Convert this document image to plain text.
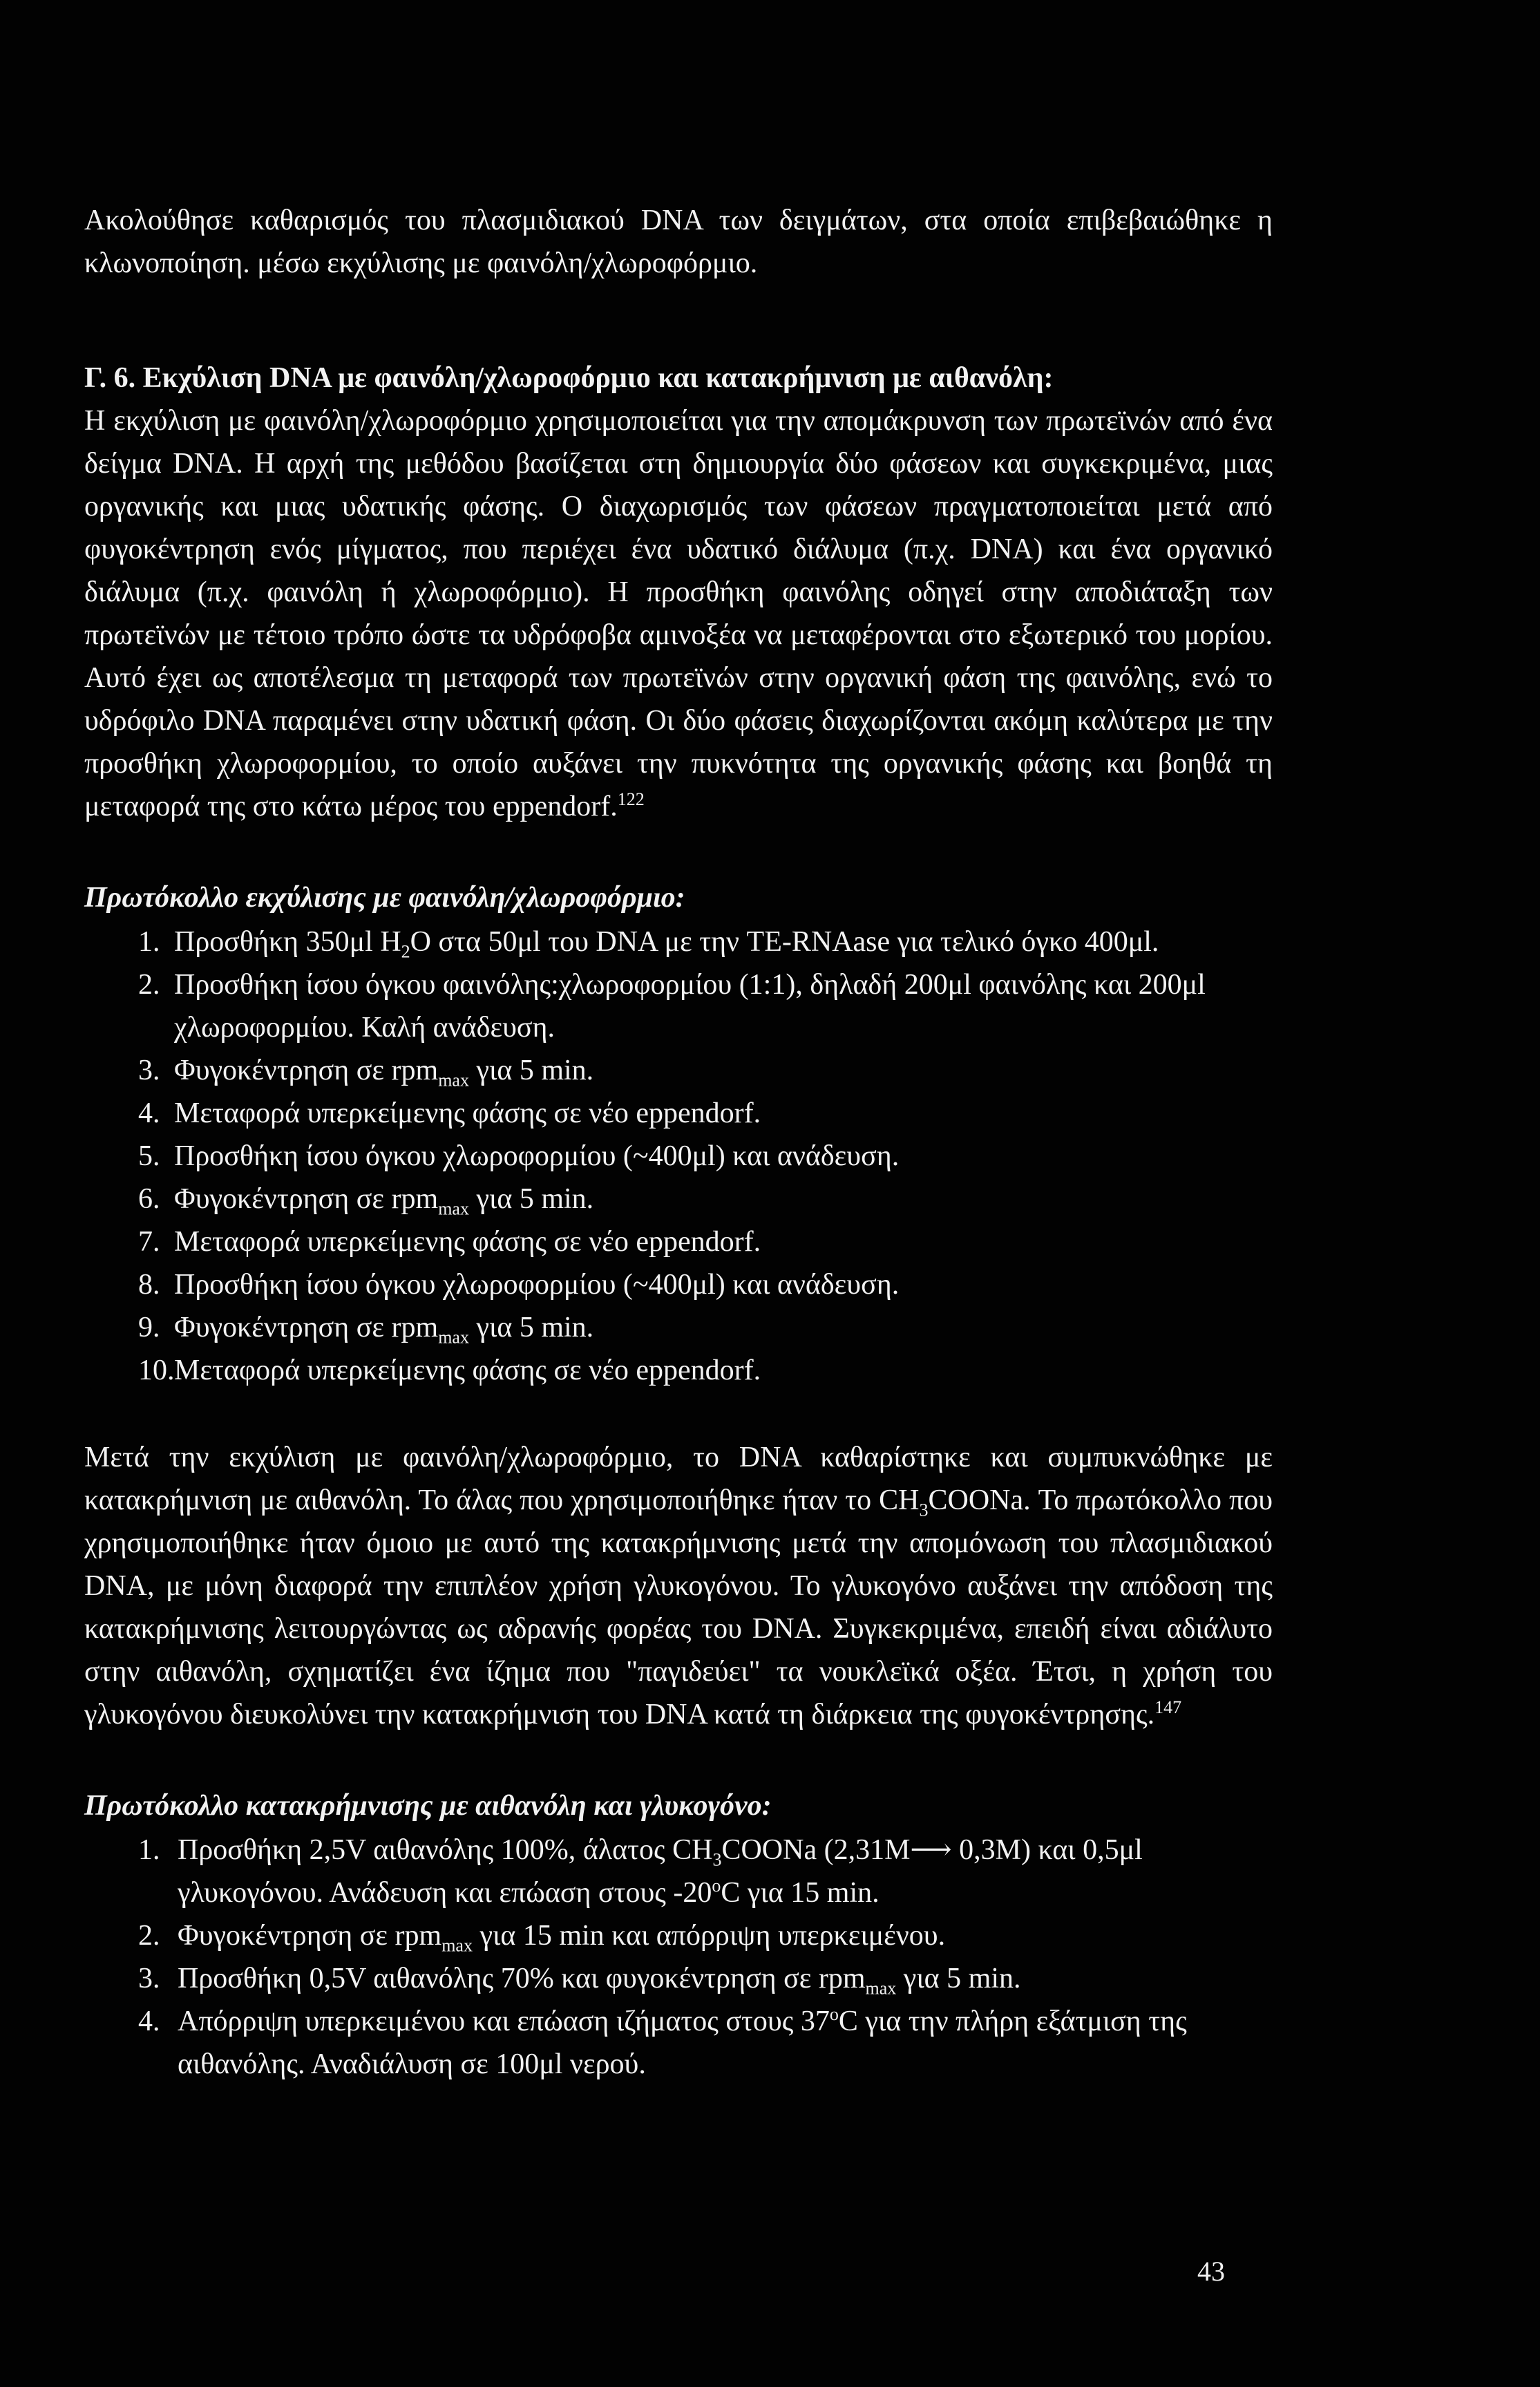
Ακολούθησε καθαρισμός του πλασμιδιακού DNA των δειγμάτων, στα οποία επιβεβαιώθηκε η κλωνοποίηση. μέσω εκχύλισης με φαινόλη/χλωροφόρμιο.

Γ. 6. Εκχύλιση DNA με φαινόλη/χλωροφόρμιο και κατακρήμνιση με αιθανόλη:

Η εκχύλιση με φαινόλη/χλωροφόρμιο χρησιμοποιείται για την απομάκρυνση των πρωτεϊνών από ένα δείγμα DNA. Η αρχή της μεθόδου βασίζεται στη δημιουργία δύο φάσεων και συγκεκριμένα, μιας οργανικής και μιας υδατικής φάσης. Ο διαχωρισμός των φάσεων πραγματοποιείται μετά από φυγοκέντρηση ενός μίγματος, που περιέχει ένα υδατικό διάλυμα (π.χ. DNA) και ένα οργανικό διάλυμα (π.χ. φαινόλη ή χλωροφόρμιο). Η προσθήκη φαινόλης οδηγεί στην αποδιάταξη των πρωτεϊνών με τέτοιο τρόπο ώστε τα υδρόφοβα αμινοξέα να μεταφέρονται στο εξωτερικό του μορίου. Αυτό έχει ως αποτέλεσμα τη μεταφορά των πρωτεϊνών στην οργανική φάση της φαινόλης, ενώ το υδρόφιλο DNA παραμένει στην υδατική φάση. Οι δύο φάσεις διαχωρίζονται ακόμη καλύτερα με την προσθήκη χλωροφορμίου, το οποίο αυξάνει την πυκνότητα της οργανικής φάσης και βοηθά τη μεταφορά της στο κάτω μέρος του eppendorf.$^{122}$

Πρωτόκολλο εκχύλισης με φαινόλη/χλωροφόρμιο:

1. Προσθήκη 350μl $H_2O$ στα 50μl του DNA με την TE-RNAase για τελικό όγκο 400μl.
2. Προσθήκη ίσου όγκου φαινόλης:χλωροφορμίου (1:1), δηλαδή 200μl φαινόλης και 200μl χλωροφορμίου. Καλή ανάδευση.
3. Φυγοκέντρηση σε rpm$_{max}$ για 5 min.
4. Μεταφορά υπερκείμενης φάσης σε νέο eppendorf.
5. Προσθήκη ίσου όγκου χλωροφορμίου (~400μl) και ανάδευση.
6. Φυγοκέντρηση σε rpm$_{max}$ για 5 min.
7. Μεταφορά υπερκείμενης φάσης σε νέο eppendorf.
8. Προσθήκη ίσου όγκου χλωροφορμίου (~400μl) και ανάδευση.
9. Φυγοκέντρηση σε rpm$_{max}$ για 5 min.
10. Μεταφορά υπερκείμενης φάσης σε νέο eppendorf.

Μετά την εκχύλιση με φαινόλη/χλωροφόρμιο, το DNA καθαρίστηκε και συμπυκνώθηκε με κατακρήμνιση με αιθανόλη. Το άλας που χρησιμοποιήθηκε ήταν το $CH_3COONa$. Το πρωτόκολλο που χρησιμοποιήθηκε ήταν όμοιο με αυτό της κατακρήμνισης μετά την απομόνωση του πλασμιδιακού DNA, με μόνη διαφορά την επιπλέον χρήση γλυκογόνου. Το γλυκογόνο αυξάνει την απόδοση της κατακρήμνισης λειτουργώντας ως αδρανής φορέας του DNA. Συγκεκριμένα, επειδή είναι αδιάλυτο στην αιθανόλη, σχηματίζει ένα ίζημα που "παγιδεύει" τα νουκλεϊκά οξέα. Έτσι, η χρήση του γλυκογόνου διευκολύνει την κατακρήμνιση του DNA κατά τη διάρκεια της φυγοκέντρησης.$^{147}$

Πρωτόκολλο κατακρήμνισης με αιθανόλη και γλυκογόνο:

1. Προσθήκη 2,5V αιθανόλης 100%, άλατος $CH_3COONa$ (2,31M⟶ 0,3M) και 0,5μl γλυκογόνου. Ανάδευση και επώαση στους -20$^o$C για 15 min.
2. Φυγοκέντρηση σε rpm$_{max}$ για 15 min και απόρριψη υπερκειμένου.
3. Προσθήκη 0,5V αιθανόλης 70% και φυγοκέντρηση σε rpm$_{max}$ για 5 min.
4. Απόρριψη υπερκειμένου και επώαση ιζήματος στους 37$^o$C για την πλήρη εξάτμιση της αιθανόλης. Αναδιάλυση σε 100μl νερού.
43
